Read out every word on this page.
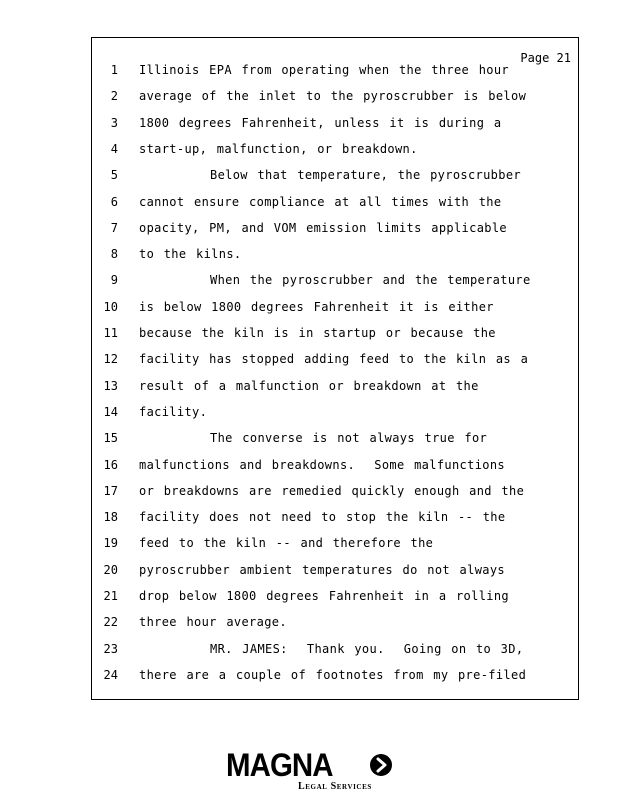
Page 21
1 Illinois EPA from operating when the three hour
2 average of the inlet to the pyroscrubber is below
3 1800 degrees Fahrenheit, unless it is during a
4 start-up, malfunction, or breakdown.
5	Below that temperature, the pyroscrubber
6 cannot ensure compliance at all times with the
7 opacity, PM, and VOM emission limits applicable
8 to the kilns.
9	When the pyroscrubber and the temperature
10 is below 1800 degrees Fahrenheit it is either
11 because the kiln is in startup or because the
12 facility has stopped adding feed to the kiln as a
13 result of a malfunction or breakdown at the
14 facility.
15	The converse is not always true for
16 malfunctions and breakdowns.  Some malfunctions
17 or breakdowns are remedied quickly enough and the
18 facility does not need to stop the kiln -- the
19 feed to the kiln -- and therefore the
20 pyroscrubber ambient temperatures do not always
21 drop below 1800 degrees Fahrenheit in a rolling
22 three hour average.
23	MR. JAMES:  Thank you.  Going on to 3D,
24 there are a couple of footnotes from my pre-filed
MAGNA
Legal Services
